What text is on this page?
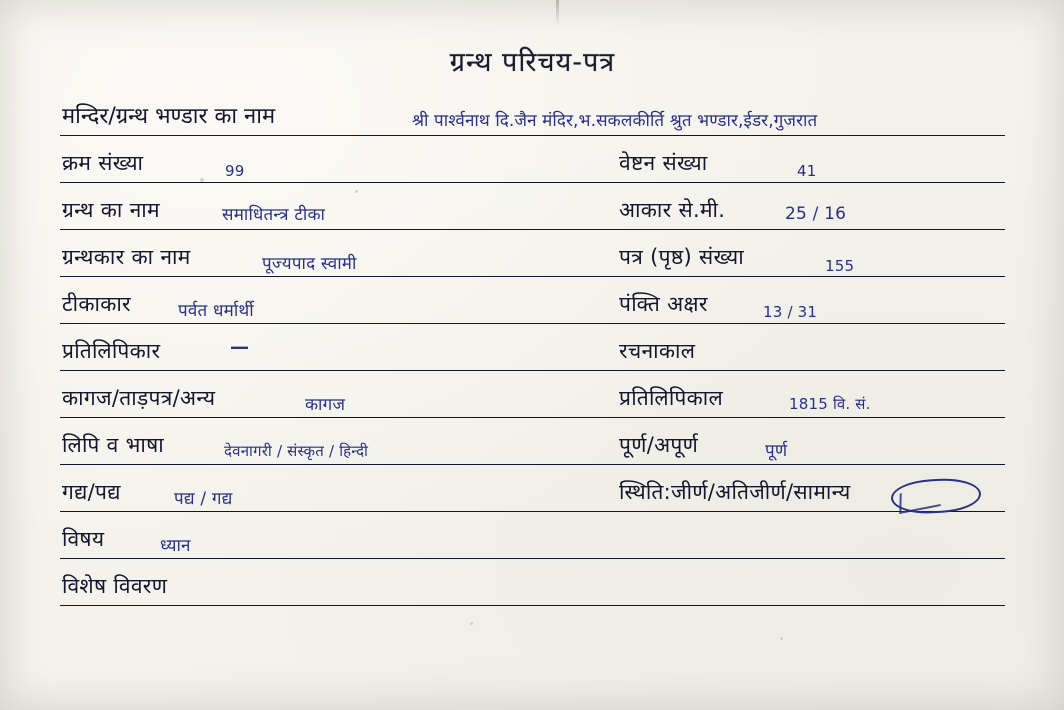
ग्रन्थ परिचय-पत्र
मन्दिर/ग्रन्थ भण्डार का नाम	श्री पार्श्वनाथ दि.जैन मंदिर,भ.सकलकीर्ति श्रुत भण्डार,ईडर,गुजरात
क्रम संख्या	99	वेष्टन संख्या	41
ग्रन्थ का नाम	समाधितन्त्र टीका	आकार से.मी.	25 / 16
ग्रन्थकार का नाम	पूज्यपाद स्वामी	पत्र (पृष्ठ) संख्या	155
टीकाकार	पर्वत धर्मार्थी	पंक्ति अक्षर	13 / 31
प्रतिलिपिकार	—	रचनाकाल
कागज/ताड़पत्र/अन्य	कागज	प्रतिलिपिकाल	1815 वि. सं.
लिपि व भाषा	देवनागरी / संस्कृत / हिन्दी	पूर्ण/अपूर्ण	पूर्ण
गद्य/पद्य	पद्य / गद्य	स्थिति:जीर्ण/अतिजीर्ण/सामान्य
विषय	ध्यान
विशेष विवरण
